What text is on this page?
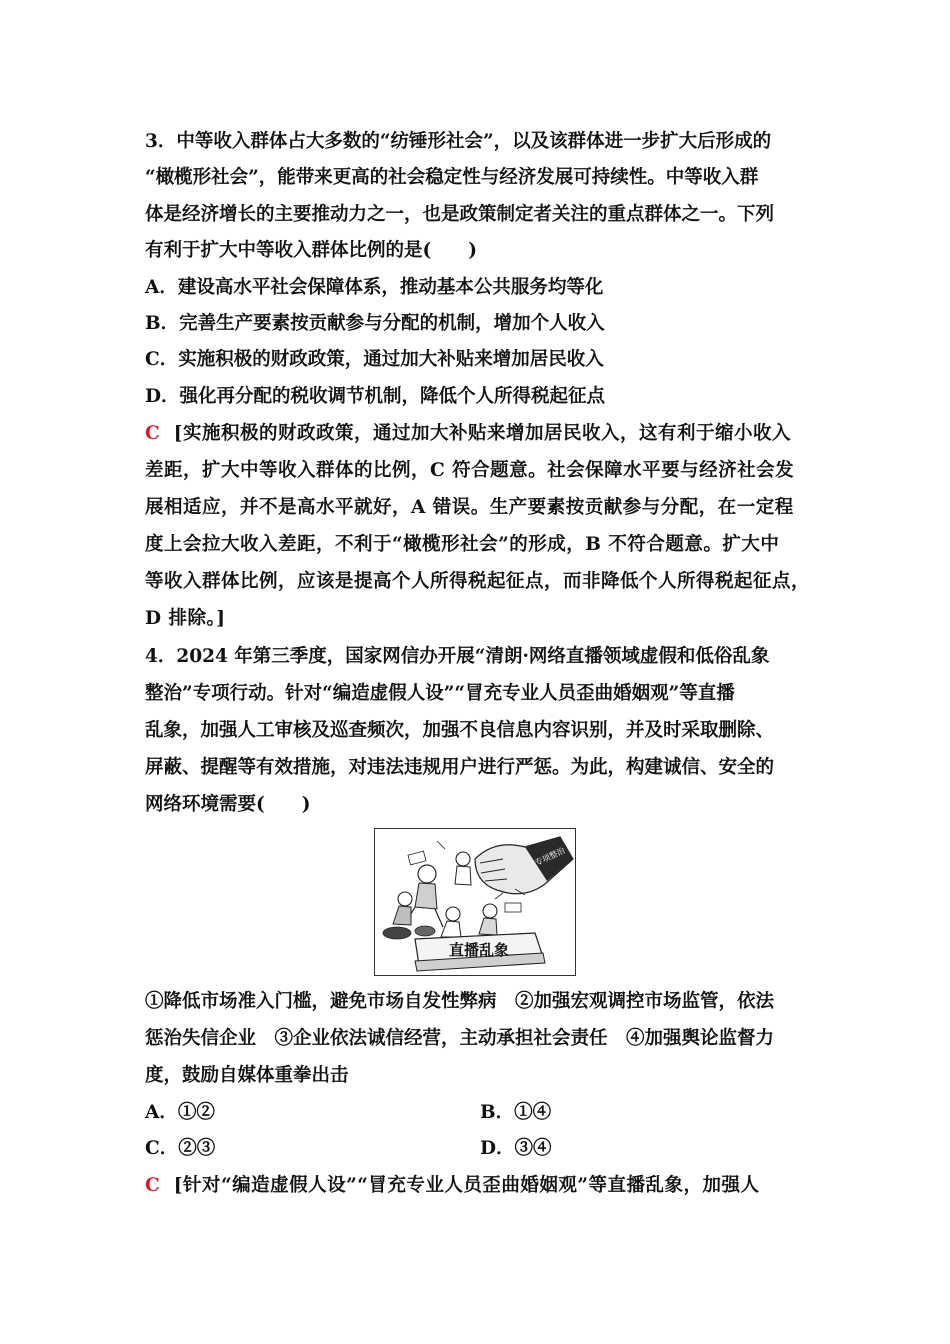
3．中等收入群体占大多数的“纺锤形社会”，以及该群体进一步扩大后形成的
“橄榄形社会”，能带来更高的社会稳定性与经济发展可持续性。中等收入群
体是经济增长的主要推动力之一，也是政策制定者关注的重点群体之一。下列
有利于扩大中等收入群体比例的是(　　)
A．建设高水平社会保障体系，推动基本公共服务均等化
B．完善生产要素按贡献参与分配的机制，增加个人收入
C．实施积极的财政政策，通过加大补贴来增加居民收入
D．强化再分配的税收调节机制，降低个人所得税起征点
C [实施积极的财政政策，通过加大补贴来增加居民收入，这有利于缩小收入
差距，扩大中等收入群体的比例，C 符合题意。社会保障水平要与经济社会发
展相适应，并不是高水平就好，A 错误。生产要素按贡献参与分配，在一定程
度上会拉大收入差距，不利于“橄榄形社会”的形成，B 不符合题意。扩大中
等收入群体比例，应该是提高个人所得税起征点，而非降低个人所得税起征点，
D 排除。]
4．2024 年第三季度，国家网信办开展“清朗·网络直播领域虚假和低俗乱象
整治”专项行动。针对“编造虚假人设”“冒充专业人员歪曲婚姻观”等直播
乱象，加强人工审核及巡查频次，加强不良信息内容识别，并及时采取删除、
屏蔽、提醒等有效措施，对违法违规用户进行严惩。为此，构建诚信、安全的
网络环境需要(　　)
专项整治
直播乱象
①降低市场准入门槛，避免市场自发性弊病　②加强宏观调控市场监管，依法
惩治失信企业　③企业依法诚信经营，主动承担社会责任　④加强舆论监督力
度，鼓励自媒体重拳出击
A．①②	B．①④
C．②③	D．③④
C [针对“编造虚假人设”“冒充专业人员歪曲婚姻观”等直播乱象，加强人
